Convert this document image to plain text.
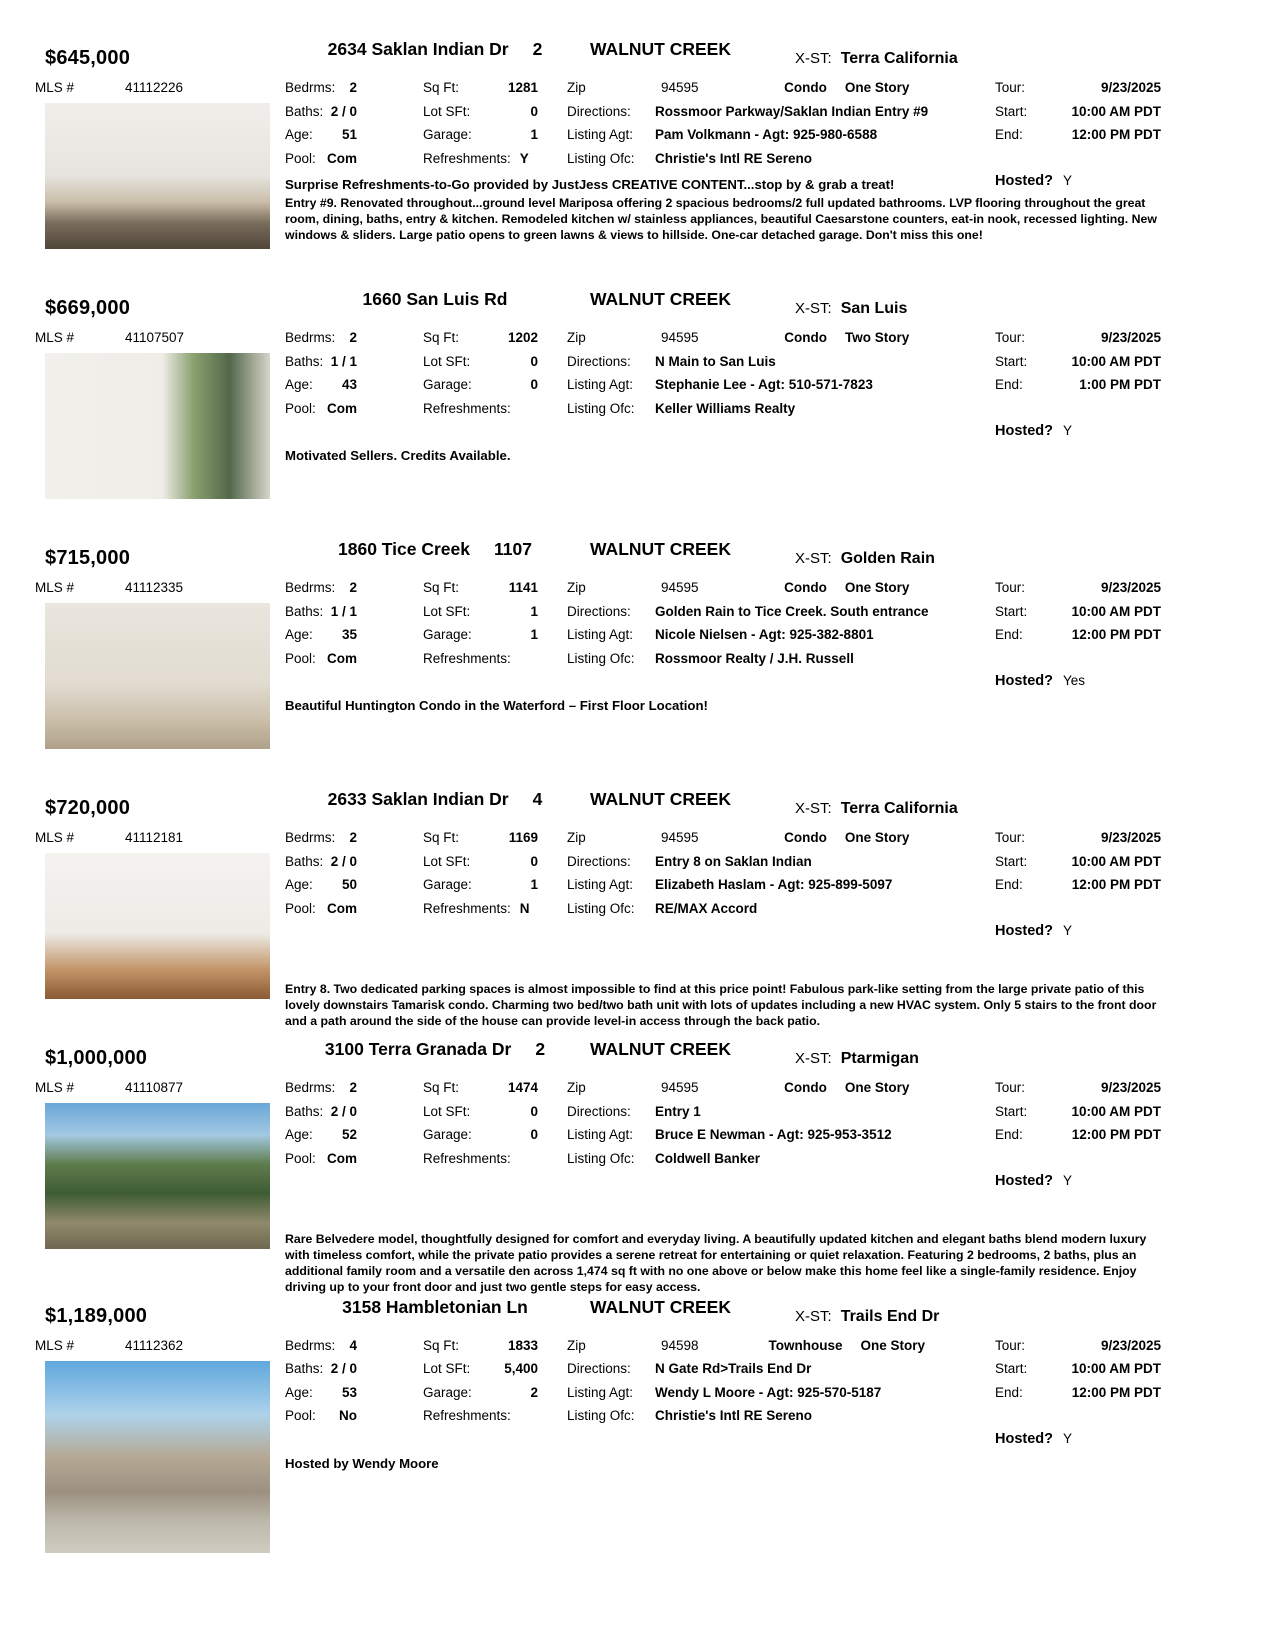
$645,000	2634 Saklan Indian Dr 2	WALNUT CREEK	X-ST: Terra California
MLS #	41112226	Bedrms: 2	Sq Ft:	1281 Zip	94595	Condo One Story	Tour:	9/23/2025
Baths: 2 / 0	Lot SFt:	0 Directions:	Rossmoor Parkway/Saklan Indian Entry #9	Start:	10:00 AM PDT
Age: 51	Garage:	1 Listing Agt:	Pam Volkmann - Agt: 925-980-6588	End:	12:00 PM PDT
Pool: Com	Refreshments: Y	Listing Ofc:	Christie's Intl RE Sereno
Hosted? Y
Surprise Refreshments-to-Go provided by JustJess CREATIVE CONTENT...stop by & grab a treat!
Entry #9. Renovated throughout...ground level Mariposa offering 2 spacious bedrooms/2 full updated bathrooms. LVP flooring throughout the great room, dining, baths, entry & kitchen. Remodeled kitchen w/ stainless appliances, beautiful Caesarstone counters, eat-in nook, recessed lighting. New windows & sliders. Large patio opens to green lawns & views to hillside. One-car detached garage. Don't miss this one!
$669,000	1660 San Luis Rd	WALNUT CREEK	X-ST: San Luis
MLS #	41107507	Bedrms: 2	Sq Ft:	1202 Zip	94595	Condo Two Story	Tour:	9/23/2025
Baths: 1 / 1	Lot SFt:	0 Directions:	N Main to San Luis	Start:	10:00 AM PDT
Age: 43	Garage:	0 Listing Agt:	Stephanie Lee - Agt: 510-571-7823	End:	1:00 PM PDT
Pool: Com	Refreshments:	Listing Ofc:	Keller Williams Realty
Hosted? Y
Motivated Sellers. Credits Available.
$715,000	1860 Tice Creek 1107	WALNUT CREEK	X-ST: Golden Rain
MLS #	41112335	Bedrms: 2	Sq Ft:	1141 Zip	94595	Condo One Story	Tour:	9/23/2025
Baths: 1 / 1	Lot SFt:	1 Directions:	Golden Rain to Tice Creek. South entrance	Start:	10:00 AM PDT
Age: 35	Garage:	1 Listing Agt:	Nicole Nielsen - Agt: 925-382-8801	End:	12:00 PM PDT
Pool: Com	Refreshments:	Listing Ofc:	Rossmoor Realty / J.H. Russell
Hosted? Yes
Beautiful Huntington Condo in the Waterford – First Floor Location!
$720,000	2633 Saklan Indian Dr 4	WALNUT CREEK	X-ST: Terra California
MLS #	41112181	Bedrms: 2	Sq Ft:	1169 Zip	94595	Condo One Story	Tour:	9/23/2025
Baths: 2 / 0	Lot SFt:	0 Directions:	Entry 8 on Saklan Indian	Start:	10:00 AM PDT
Age: 50	Garage:	1 Listing Agt:	Elizabeth Haslam - Agt: 925-899-5097	End:	12:00 PM PDT
Pool: Com	Refreshments: N	Listing Ofc:	RE/MAX Accord
Hosted? Y
Entry 8. Two dedicated parking spaces is almost impossible to find at this price point! Fabulous park-like setting from the large private patio of this lovely downstairs Tamarisk condo. Charming two bed/two bath unit with lots of updates including a new HVAC system. Only 5 stairs to the front door and a path around the side of the house can provide level-in access through the back patio.
$1,000,000	3100 Terra Granada Dr 2	WALNUT CREEK	X-ST: Ptarmigan
MLS #	41110877	Bedrms: 2	Sq Ft:	1474 Zip	94595	Condo One Story	Tour:	9/23/2025
Baths: 2 / 0	Lot SFt:	0 Directions:	Entry 1	Start:	10:00 AM PDT
Age: 52	Garage:	0 Listing Agt:	Bruce E Newman - Agt: 925-953-3512	End:	12:00 PM PDT
Pool: Com	Refreshments:	Listing Ofc:	Coldwell Banker
Hosted? Y
Rare Belvedere model, thoughtfully designed for comfort and everyday living. A beautifully updated kitchen and elegant baths blend modern luxury with timeless comfort, while the private patio provides a serene retreat for entertaining or quiet relaxation. Featuring 2 bedrooms, 2 baths, plus an additional family room and a versatile den across 1,474 sq ft with no one above or below make this home feel like a single-family residence. Enjoy driving up to your front door and just two gentle steps for easy access.
$1,189,000	3158 Hambletonian Ln	WALNUT CREEK	X-ST: Trails End Dr
MLS #	41112362	Bedrms: 4	Sq Ft:	1833 Zip	94598	Townhouse One Story	Tour:	9/23/2025
Baths: 2 / 0	Lot SFt:	5,400 Directions:	N Gate Rd>Trails End Dr	Start:	10:00 AM PDT
Age: 53	Garage:	2 Listing Agt:	Wendy L Moore - Agt: 925-570-5187	End:	12:00 PM PDT
Pool: No	Refreshments:	Listing Ofc:	Christie's Intl RE Sereno
Hosted? Y
Hosted by Wendy Moore
